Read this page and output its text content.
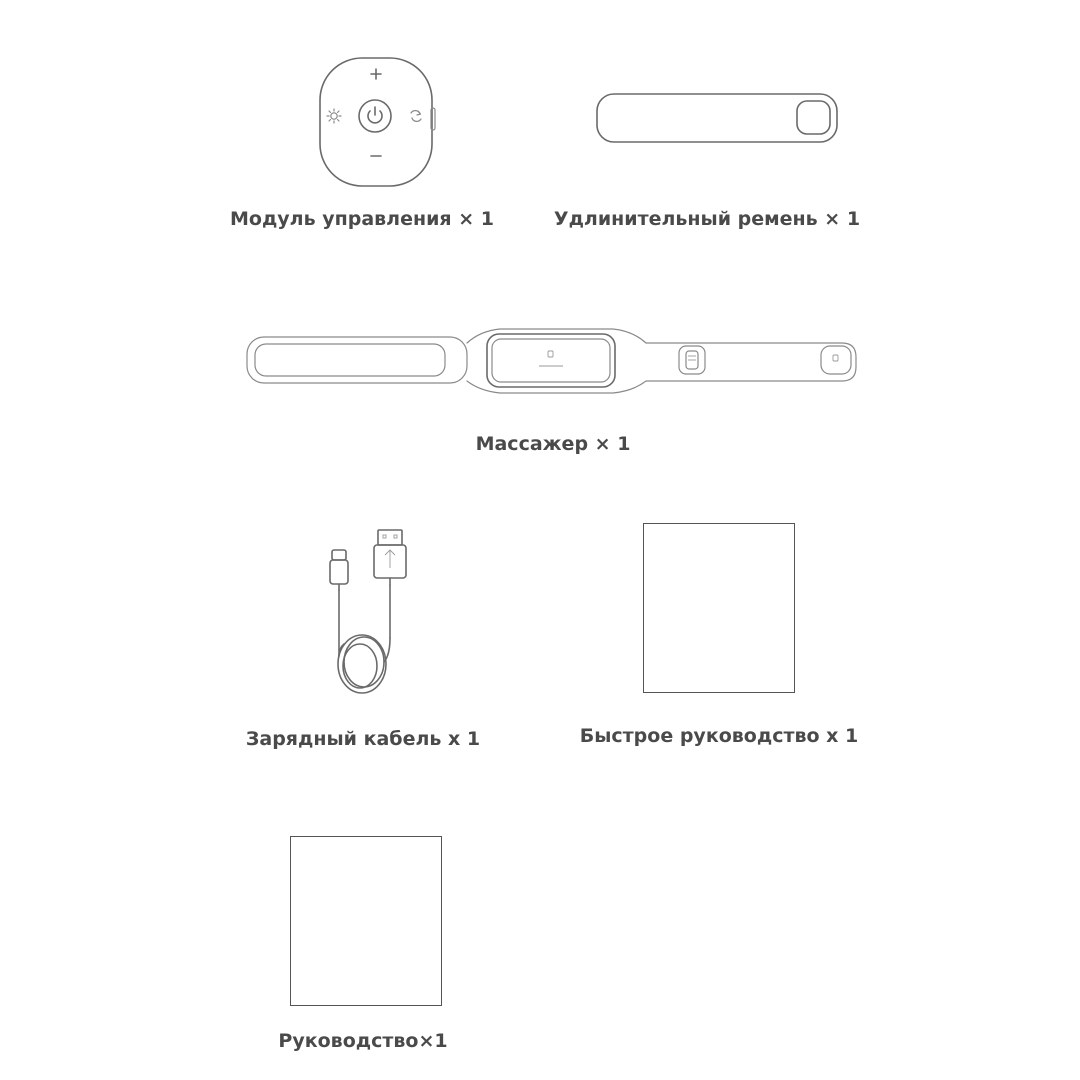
Модуль управления × 1	Удлинительный ремень × 1

Массажер × 1

Зарядный кабель х 1	Быстрое руководство х 1

Руководство×1
